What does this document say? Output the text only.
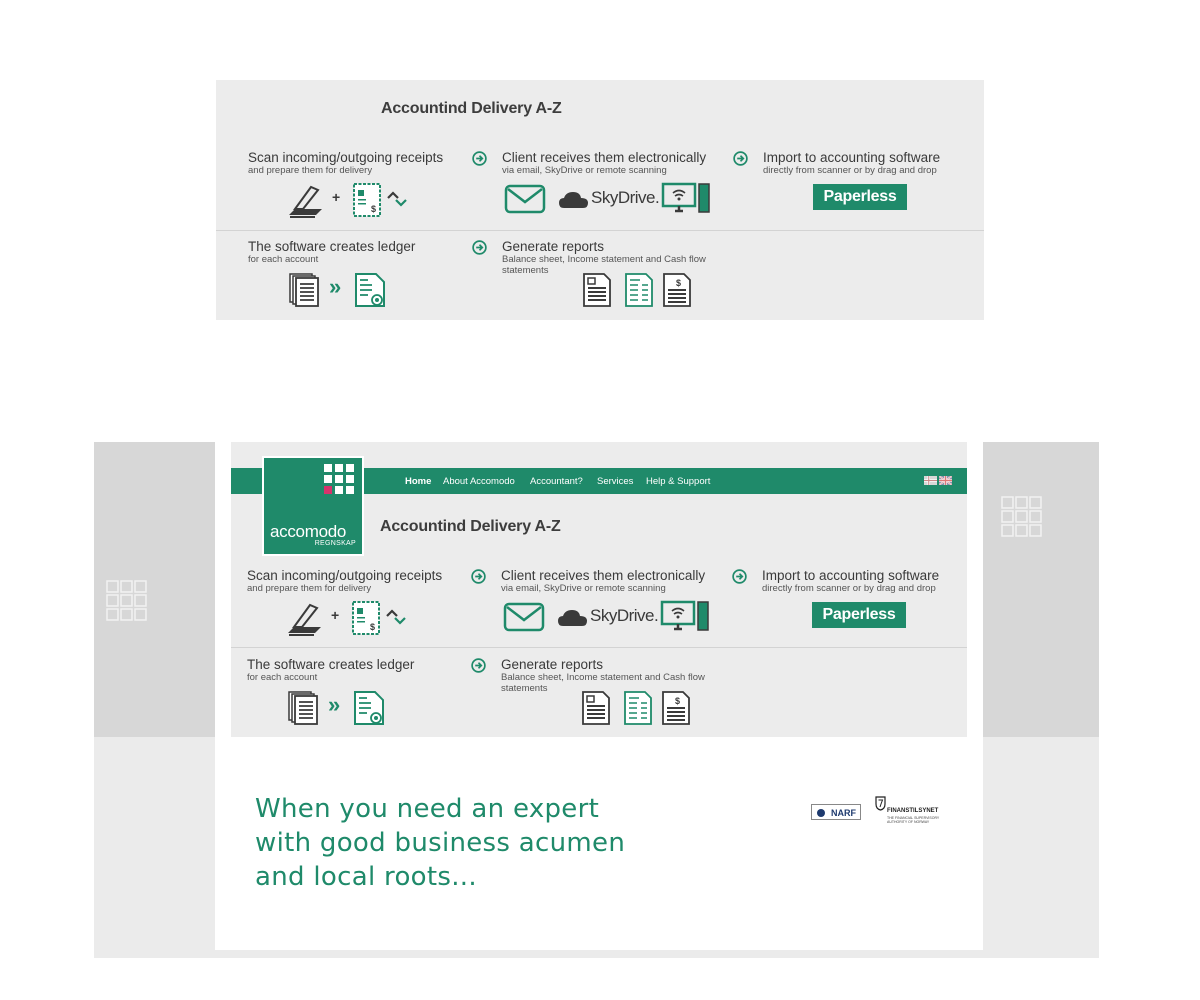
Accountind Delivery A-Z
Scan incoming/outgoing receipts
and prepare them for delivery
Client receives them electronically
via email, SkyDrive or remote scanning
Import to accounting software
directly from scanner or by drag and drop
+	SkyDrive.	Paperless
The software creates ledger
for each account
Generate reports
Balance sheet, Income statement and Cash flow statements
»
Accountind Delivery A-Z
Scan incoming/outgoing receipts
and prepare them for delivery
Client receives them electronically
via email, SkyDrive or remote scanning
Import to accounting software
directly from scanner or by drag and drop
+	SkyDrive.	Paperless
The software creates ledger
for each account
Generate reports
Balance sheet, Income statement and Cash flow statements
»
Home About Accomodo Accountant? Services Help & Support
accomodo
REGNSKAP
When you need an expert
with good business acumen
and local roots...
NARF	FINANSTILSYNET
THE FINANCIAL SUPERVISORY AUTHORITY OF NORWAY
